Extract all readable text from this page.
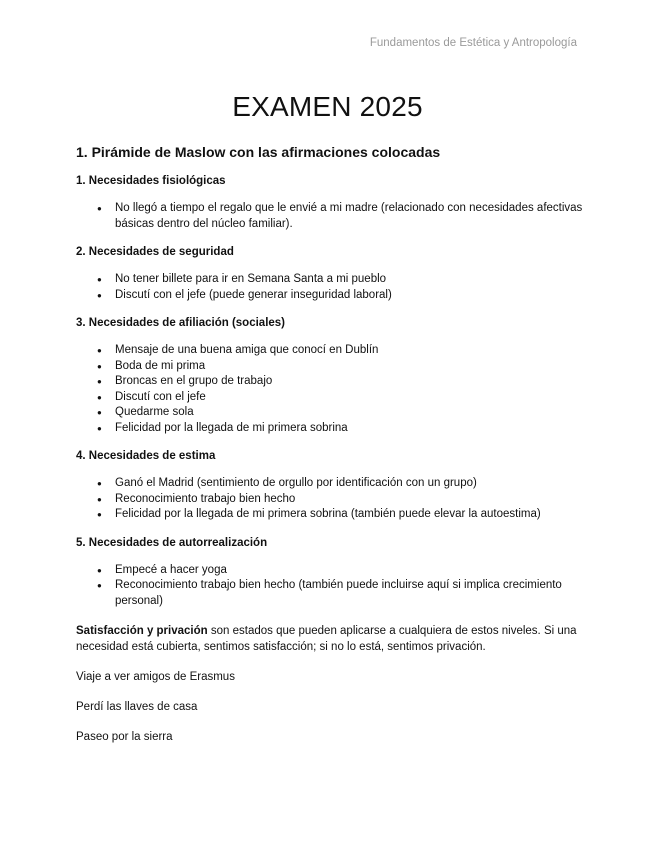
Fundamentos de Estética y Antropología
EXAMEN 2025
1. Pirámide de Maslow con las afirmaciones colocadas
1. Necesidades fisiológicas
● No llegó a tiempo el regalo que le envié a mi madre (relacionado con necesidades afectivas básicas dentro del núcleo familiar).
2. Necesidades de seguridad
● No tener billete para ir en Semana Santa a mi pueblo
● Discutí con el jefe (puede generar inseguridad laboral)
3. Necesidades de afiliación (sociales)
● Mensaje de una buena amiga que conocí en Dublín
● Boda de mi prima
● Broncas en el grupo de trabajo
● Discutí con el jefe
● Quedarme sola
● Felicidad por la llegada de mi primera sobrina
4. Necesidades de estima
● Ganó el Madrid (sentimiento de orgullo por identificación con un grupo)
● Reconocimiento trabajo bien hecho
● Felicidad por la llegada de mi primera sobrina (también puede elevar la autoestima)
5. Necesidades de autorrealización
● Empecé a hacer yoga
● Reconocimiento trabajo bien hecho (también puede incluirse aquí si implica crecimiento personal)

Satisfacción y privación son estados que pueden aplicarse a cualquiera de estos niveles. Si una necesidad está cubierta, sentimos satisfacción; si no lo está, sentimos privación.

Viaje a ver amigos de Erasmus

Perdí las llaves de casa

Paseo por la sierra
